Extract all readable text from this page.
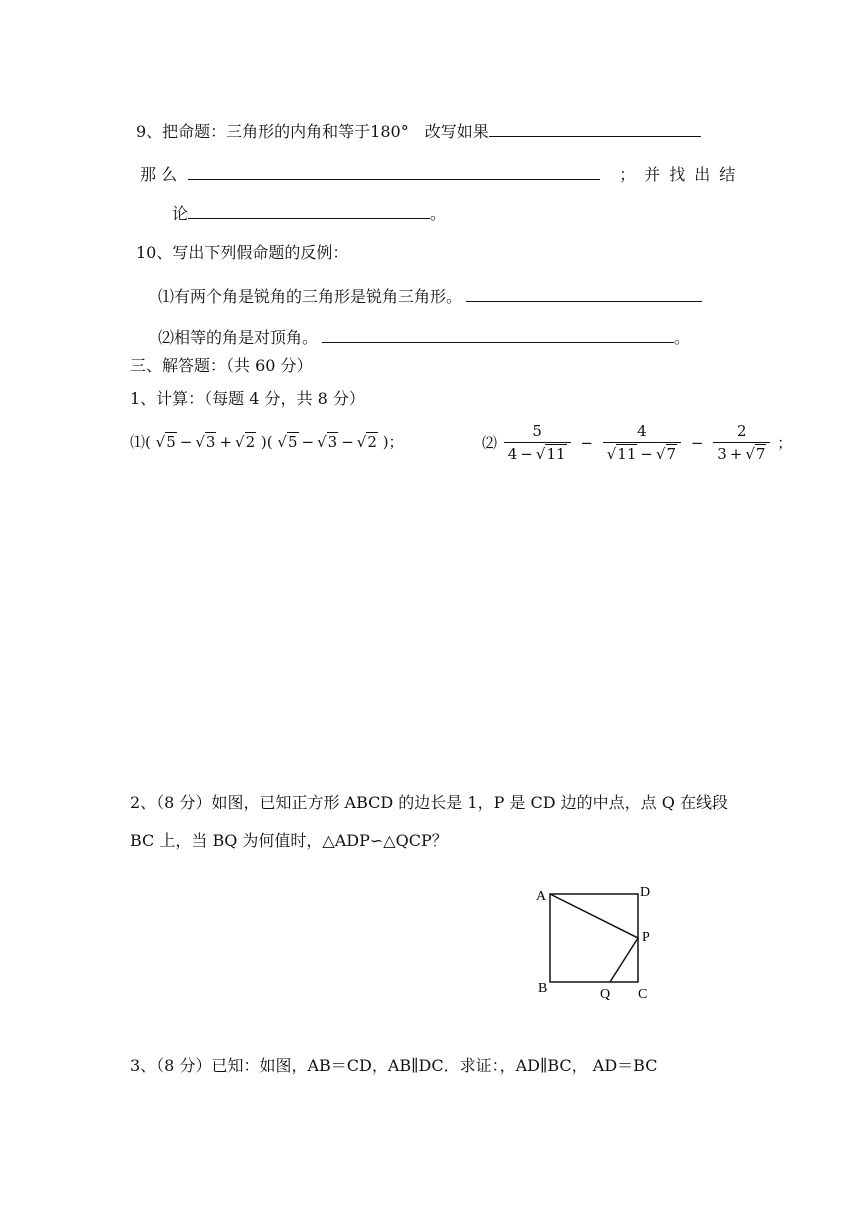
9、把命题：三角形的内角和等于180°　改写如果
那 么	；并找出结
论	。
10、写出下列假命题的反例：
⑴有两个角是锐角的三角形是锐角三角形。
⑵相等的角是对顶角。	。
三、解答题：（共 60 分）
1、计算：（每题 4 分，共 8 分）
⑴( √5 − √3 + √2 )( √5 − √3 − √2 )；	⑵ $\frac{5}{4 - √11} - \frac{4}{√11 - √7} - \frac{2}{3 + √7}$ ；
2、（8 分）如图，已知正方形 ABCD 的边长是 1，P 是 CD 边的中点，点 Q 在线段
BC 上，当 BQ 为何值时，△ADP∽△QCP？
A	D
P
B	Q C
3、（8 分）已知：如图，AB＝CD，AB∥DC．求证：，AD∥BC， AD＝BC
